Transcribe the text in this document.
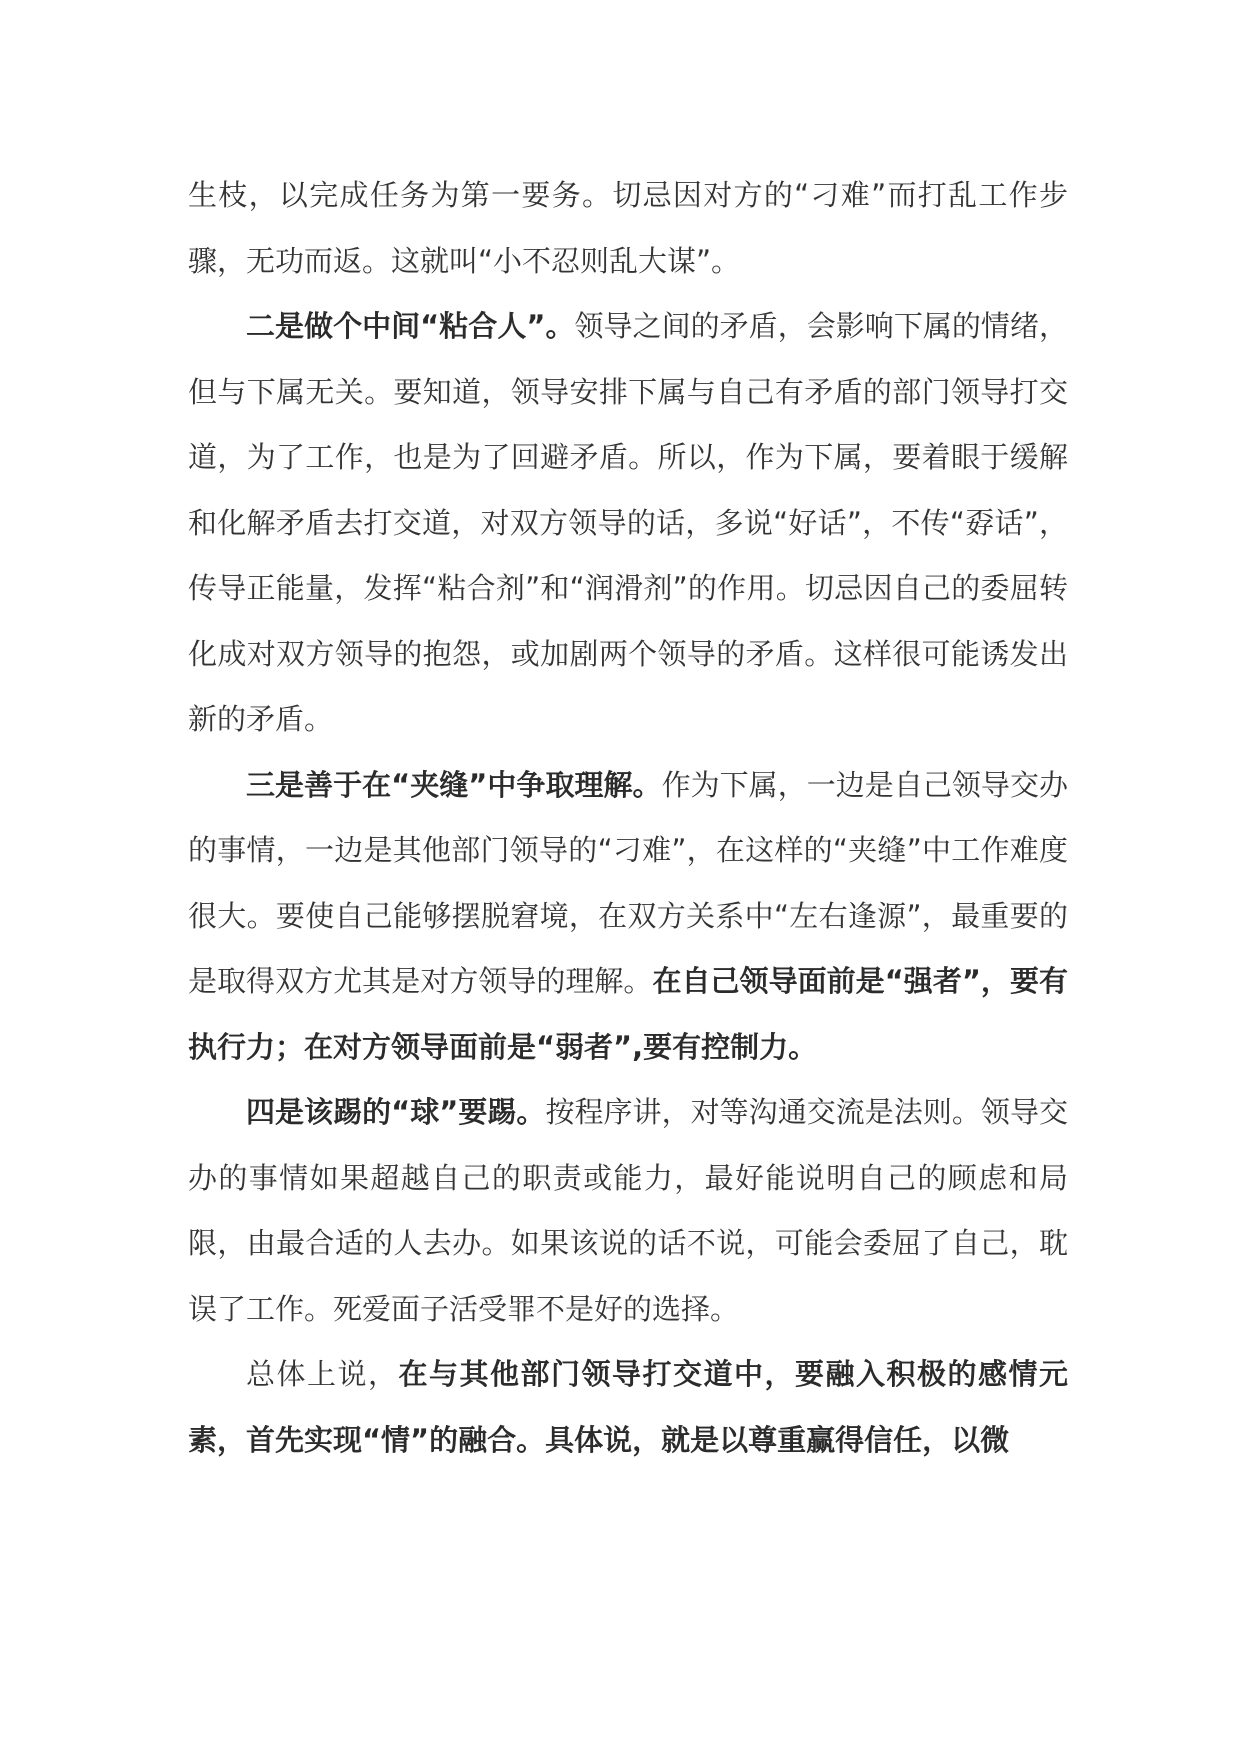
生枝，以完成任务为第一要务。切忌因对方的“刁难”而打乱工作步骤，无功而返。这就叫“小不忍则乱大谋”。

二是做个中间“粘合人”。领导之间的矛盾，会影响下属的情绪，但与下属无关。要知道，领导安排下属与自己有矛盾的部门领导打交道，为了工作，也是为了回避矛盾。所以，作为下属，要着眼于缓解和化解矛盾去打交道，对双方领导的话，多说“好话”，不传“孬话”，传导正能量，发挥“粘合剂”和“润滑剂”的作用。切忌因自己的委屈转化成对双方领导的抱怨，或加剧两个领导的矛盾。这样很可能诱发出新的矛盾。

三是善于在“夹缝”中争取理解。作为下属，一边是自己领导交办的事情，一边是其他部门领导的“刁难”，在这样的“夹缝”中工作难度很大。要使自己能够摆脱窘境，在双方关系中“左右逢源”，最重要的是取得双方尤其是对方领导的理解。在自己领导面前是“强者”，要有执行力；在对方领导面前是“弱者”,要有控制力。

四是该踢的“球”要踢。按程序讲，对等沟通交流是法则。领导交办的事情如果超越自己的职责或能力，最好能说明自己的顾虑和局限，由最合适的人去办。如果该说的话不说，可能会委屈了自己，耽误了工作。死爱面子活受罪不是好的选择。

总体上说，在与其他部门领导打交道中，要融入积极的感情元素，首先实现“情”的融合。具体说，就是以尊重赢得信任，以微
